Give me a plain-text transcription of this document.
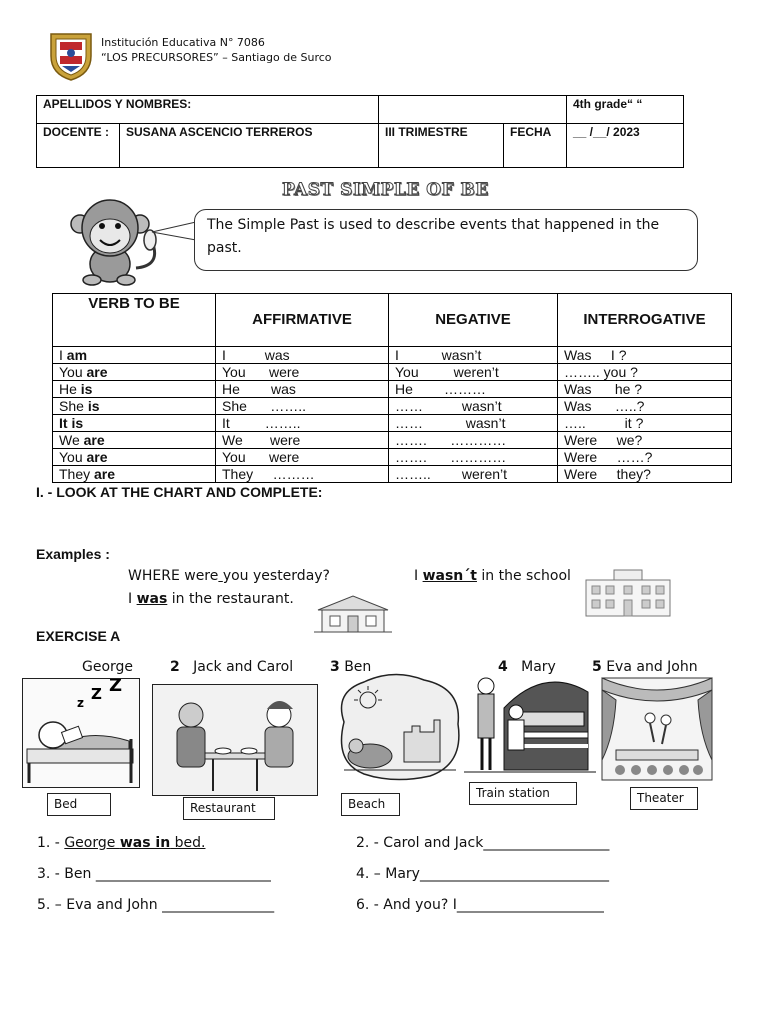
Institución Educativa N° 7086
“LOS PRECURSORES” – Santiago de Surco
APELLIDOS Y NOMBRES:				4th grade“ “
DOCENTE :	SUSANA ASCENCIO TERREROS	III TRIMESTRE	FECHA	__ /__/ 2023
PAST SIMPLE OF BE
The Simple Past is used to describe events that happened in the past.
VERB TO BE	AFFIRMATIVE	NEGATIVE	INTERROGATIVE
I am	I          was	I           wasn’t	Was     I ?
You are	You      were	You         weren’t	…….. you ?
He is	He        was	He        ………	Was      he ?
She is	She      ……..	……          wasn’t	Was      …..?
It is	It         ……..	……           wasn’t	…..          it ?
We are	We       were	…….      …………	Were     we?
You are	You      were	…….      …………	Were     ……?
They are	They     ………	……..        weren’t	Were     they?
I. - LOOK AT THE CHART AND COMPLETE:
Examples :
WHERE were you yesterday?	I wasn´t in the school
I was in the restaurant.
EXERCISE A
George	2 Jack and Carol	3 Ben	4 Mary	5 Eva and John
z Z Z
Bed	Restaurant	Beach
Train station	Theater
1. - George was in bed.	2. - Carol and Jack__________________
3. - Ben _________________________	4. – Mary___________________________
5. – Eva and John ________________	6. - And you? I_____________________
